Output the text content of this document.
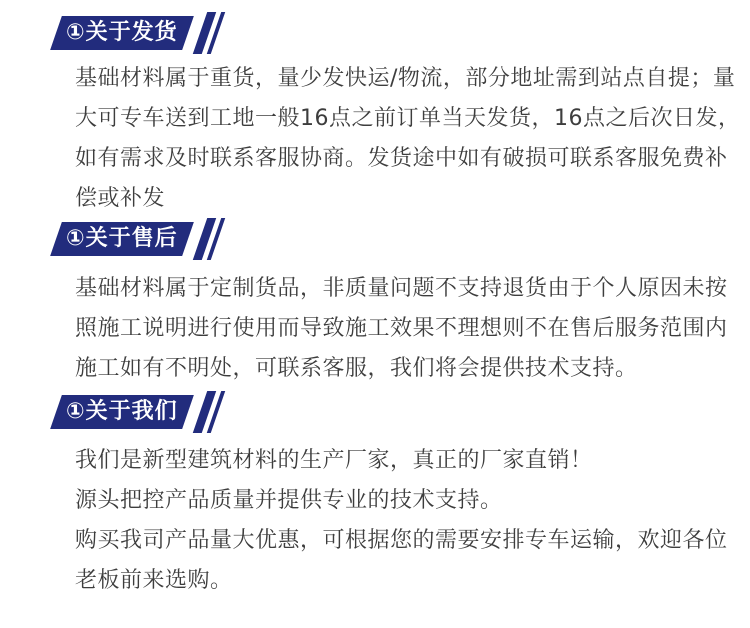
①关于发货
基础材料属于重货，量少发快运/物流，部分地址需到站点自提；量
大可专车送到工地一般16点之前订单当天发货，16点之后次日发，
如有需求及时联系客服协商。发货途中如有破损可联系客服免费补
偿或补发
①关于售后
基础材料属于定制货品，非质量问题不支持退货由于个人原因未按
照施工说明进行使用而导致施工效果不理想则不在售后服务范围内
施工如有不明处，可联系客服，我们将会提供技术支持。
①关于我们
我们是新型建筑材料的生产厂家，真正的厂家直销！
源头把控产品质量并提供专业的技术支持。
购买我司产品量大优惠，可根据您的需要安排专车运输，欢迎各位
老板前来选购。
